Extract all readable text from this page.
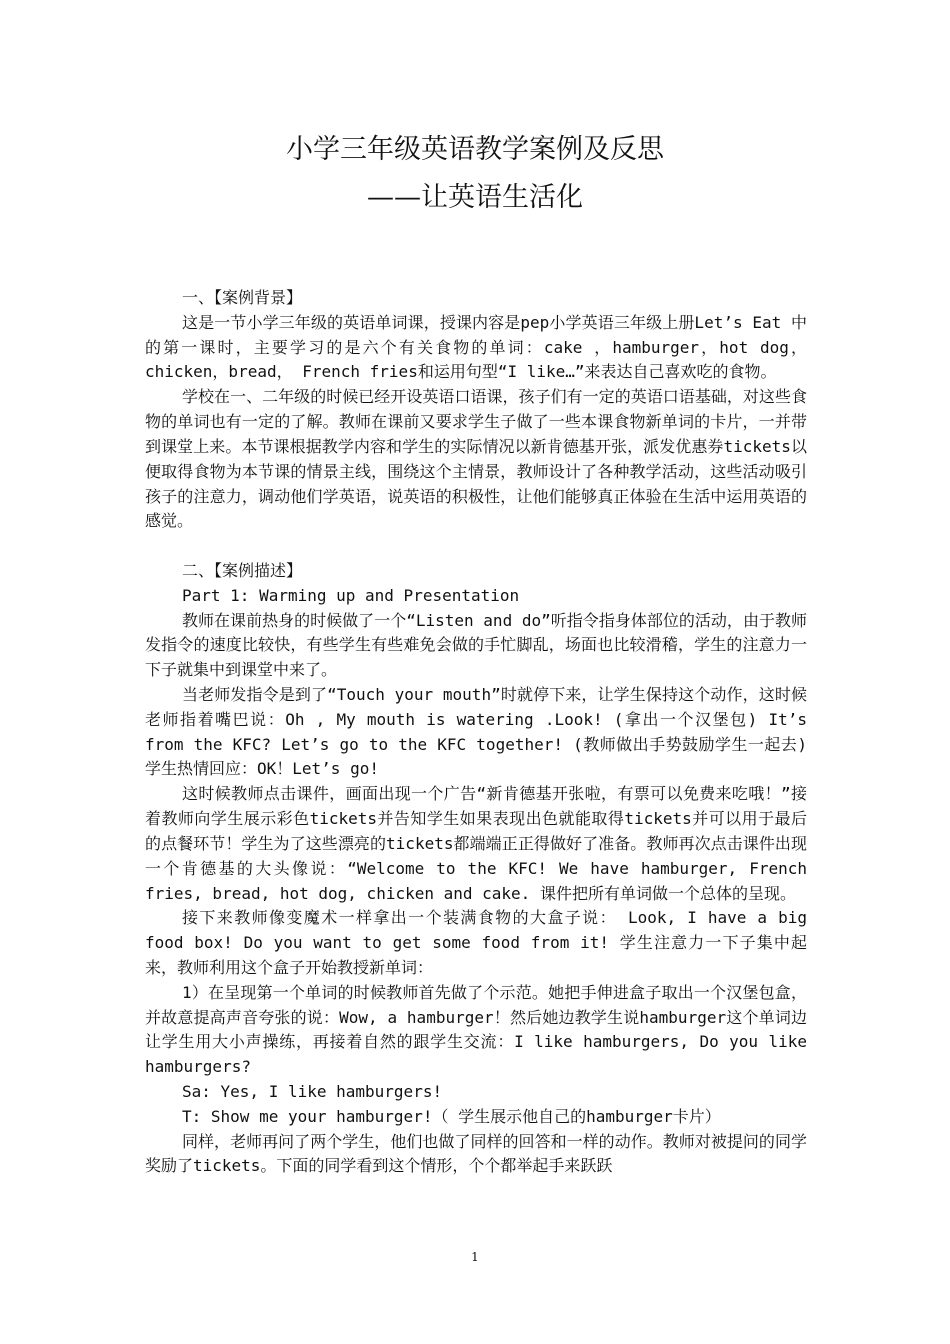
小学三年级英语教学案例及反思
——让英语生活化

一、【案例背景】

这是一节小学三年级的英语单词课，授课内容是pep小学英语三年级上册Let’s Eat 中的第一课时，主要学习的是六个有关食物的单词：cake ，hamburger，hot dog，chicken，bread， French fries和运用句型“I like…”来表达自己喜欢吃的食物。

学校在一、二年级的时候已经开设英语口语课，孩子们有一定的英语口语基础，对这些食物的单词也有一定的了解。教师在课前又要求学生子做了一些本课食物新单词的卡片，一并带到课堂上来。本节课根据教学内容和学生的实际情况以新肯德基开张，派发优惠券tickets以便取得食物为本节课的情景主线，围绕这个主情景，教师设计了各种教学活动，这些活动吸引孩子的注意力，调动他们学英语，说英语的积极性，让他们能够真正体验在生活中运用英语的感觉。

二、【案例描述】

Part 1: Warming up and Presentation

教师在课前热身的时候做了一个“Listen and do”听指令指身体部位的活动，由于教师发指令的速度比较快，有些学生有些难免会做的手忙脚乱，场面也比较滑稽，学生的注意力一下子就集中到课堂中来了。

当老师发指令是到了“Touch your mouth”时就停下来，让学生保持这个动作，这时候老师指着嘴巴说：Oh , My mouth is watering .Look! (拿出一个汉堡包) It’s from the KFC? Let’s go to the KFC together! (教师做出手势鼓励学生一起去)学生热情回应：OK！Let’s go!

这时候教师点击课件，画面出现一个广告“新肯德基开张啦，有票可以免费来吃哦！”接着教师向学生展示彩色tickets并告知学生如果表现出色就能取得tickets并可以用于最后的点餐环节！学生为了这些漂亮的tickets都端端正正得做好了准备。教师再次点击课件出现一个肯德基的大头像说：“Welcome to the KFC! We have hamburger, French fries, bread, hot dog, chicken and cake. 课件把所有单词做一个总体的呈现。

接下来教师像变魔术一样拿出一个装满食物的大盒子说： Look, I have a big food box! Do you want to get some food from it! 学生注意力一下子集中起来，教师利用这个盒子开始教授新单词：

1）在呈现第一个单词的时候教师首先做了个示范。她把手伸进盒子取出一个汉堡包盒，并故意提高声音夸张的说：Wow, a hamburger！然后她边教学生说hamburger这个单词边让学生用大小声操练，再接着自然的跟学生交流：I like hamburgers, Do you like hamburgers?

Sa: Yes, I like hamburgers!

T: Show me your hamburger!（ 学生展示他自己的hamburger卡片）

同样，老师再问了两个学生，他们也做了同样的回答和一样的动作。教师对被提问的同学奖励了tickets。下面的同学看到这个情形，个个都举起手来跃跃

1
